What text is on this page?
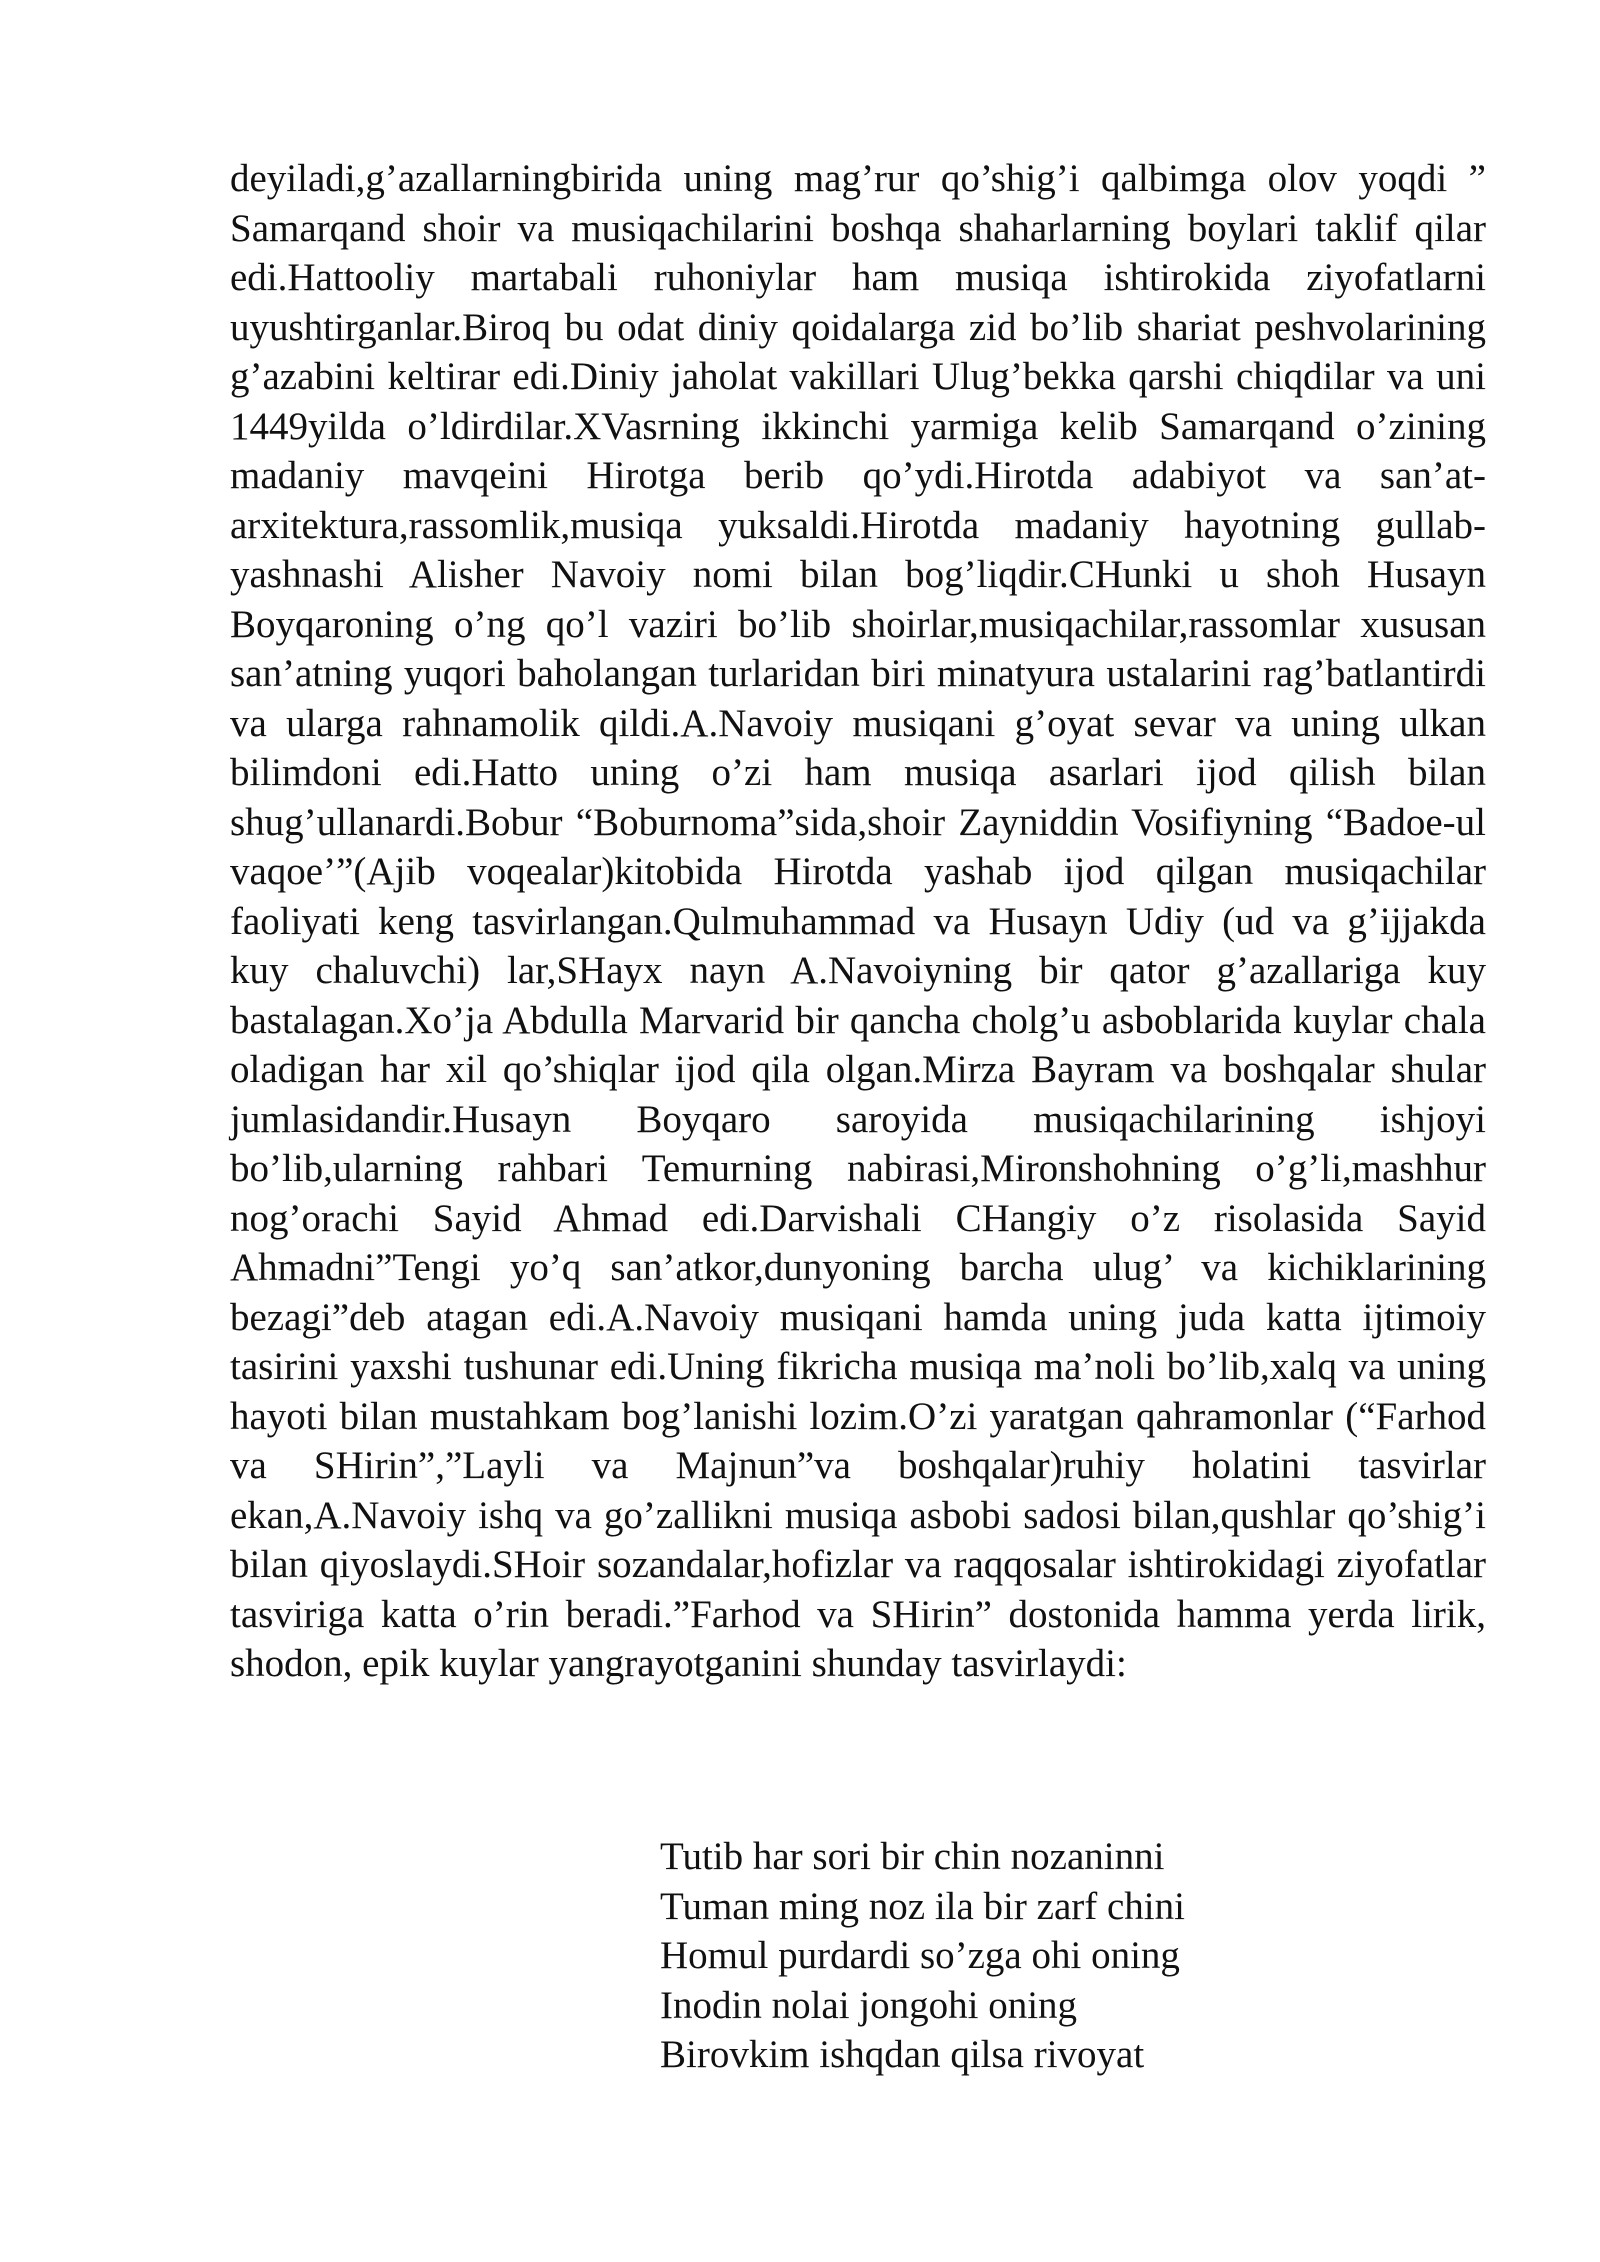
deyiladi,g’azallarningbirida uning mag’rur qo’shig’i qalbimga olov yoqdi ” Samarqand shoir va musiqachilarini boshqa shaharlarning boylari taklif qilar edi.Hattooliy martabali ruhoniylar ham musiqa ishtirokida ziyofatlarni uyushtirganlar.Biroq bu odat diniy qoidalarga zid bo’lib shariat peshvolarining g’azabini keltirar edi.Diniy jaholat vakillari Ulug’bekka qarshi chiqdilar va uni 1449yilda o’ldirdilar.XVasrning ikkinchi yarmiga kelib Samarqand o’zining madaniy mavqeini Hirotga berib qo’ydi.Hirotda adabiyot va san’at- arxitektura,rassomlik,musiqa yuksaldi.Hirotda madaniy hayotning gullab-yashnashi Alisher Navoiy nomi bilan bog’liqdir.CHunki u shoh Husayn Boyqaroning o’ng qo’l vaziri bo’lib shoirlar,musiqachilar,rassomlar xususan san’atning yuqori baholangan turlaridan biri minatyura ustalarini rag’batlantirdi va ularga rahnamolik qildi.A.Navoiy musiqani g’oyat sevar va uning ulkan bilimdoni edi.Hatto uning o’zi ham musiqa asarlari ijod qilish bilan shug’ullanardi.Bobur “Boburnoma”sida,shoir Zayniddin Vosifiyning “Badoe-ul vaqoe’”(Ajib voqealar)kitobida Hirotda yashab ijod qilgan musiqachilar faoliyati keng tasvirlangan.Qulmuhammad va Husayn Udiy (ud va g’ijjakda kuy chaluvchi) lar,SHayx nayn A.Navoiyning bir qator g’azallariga kuy bastalagan.Xo’ja Abdulla Marvarid bir qancha cholg’u asboblarida kuylar chala oladigan har xil qo’shiqlar ijod qila olgan.Mirza Bayram va boshqalar shular jumlasidandir.Husayn Boyqaro saroyida musiqachilarining ishjoyi bo’lib,ularning rahbari Temurning nabirasi,Mironshohning o’g’li,mashhur nog’orachi Sayid Ahmad edi.Darvishali CHangiy o’z risolasida Sayid Ahmadni”Tengi yo’q san’atkor,dunyoning barcha ulug’ va kichiklarining bezagi”deb atagan edi.A.Navoiy musiqani hamda uning juda katta ijtimoiy tasirini yaxshi tushunar edi.Uning fikricha musiqa ma’noli bo’lib,xalq va uning hayoti bilan mustahkam bog’lanishi lozim.O’zi yaratgan qahramonlar (“Farhod va SHirin”,”Layli va Majnun”va boshqalar)ruhiy holatini tasvirlar ekan,A.Navoiy ishq va go’zallikni musiqa asbobi sadosi bilan,qushlar qo’shig’i bilan qiyoslaydi.SHoir sozandalar,hofizlar va raqqosalar ishtirokidagi ziyofatlar tasviriga katta o’rin beradi.”Farhod va SHirin” dostonida hamma yerda lirik, shodon, epik kuylar yangrayotganini shunday tasvirlaydi:

Tutib har sori bir chin nozaninni
Tuman ming noz ila bir zarf chini
Homul purdardi so’zga ohi oning
Inodin nolai jongohi oning
Birovkim ishqdan qilsa rivoyat
